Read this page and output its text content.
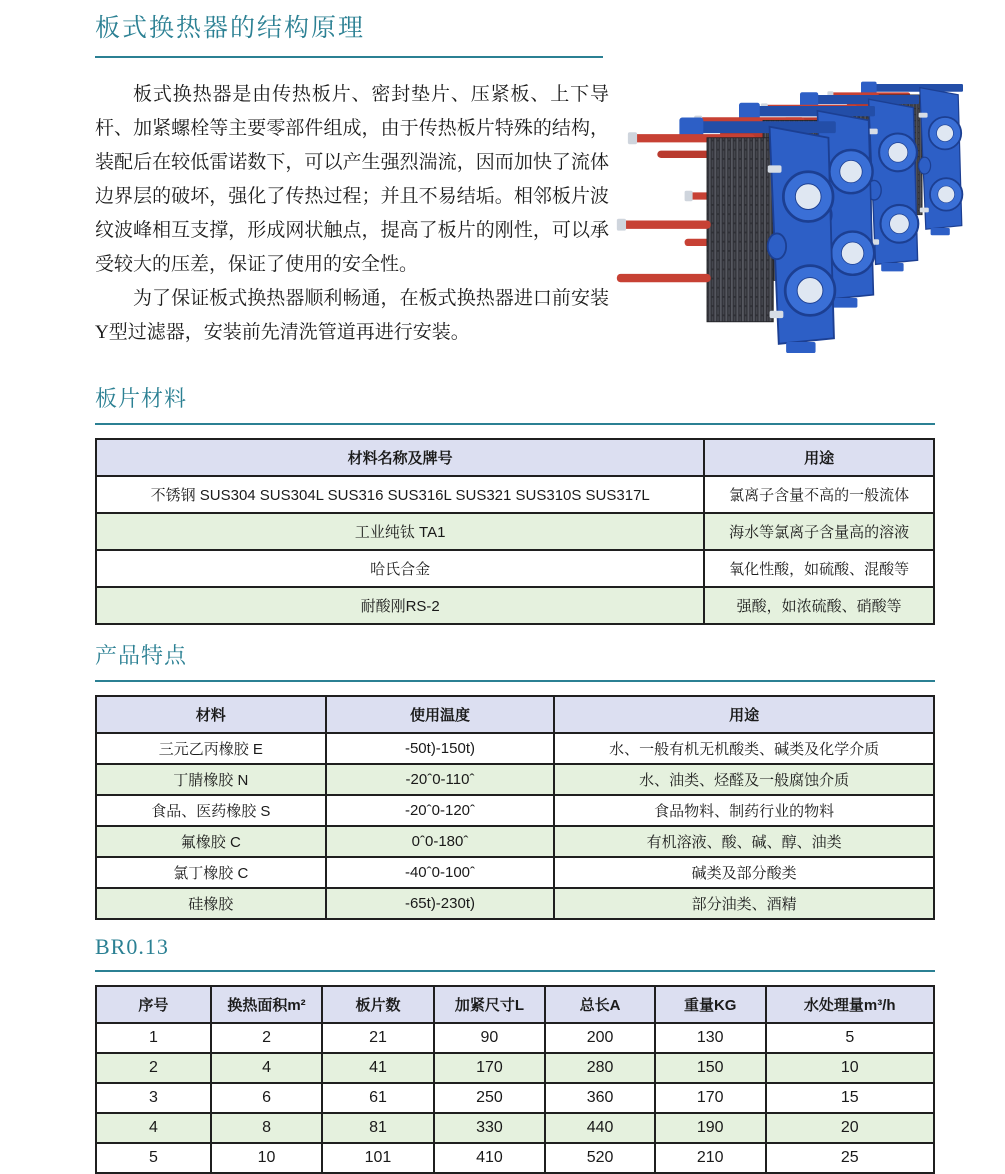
板式换热器的结构原理

板式换热器是由传热板片、密封垫片、压紧板、上下导杆、加紧螺栓等主要零部件组成，由于传热板片特殊的结构，装配后在较低雷诺数下，可以产生强烈湍流，因而加快了流体边界层的破坏，强化了传热过程；并且不易结垢。相邻板片波纹波峰相互支撑，形成网状触点，提高了板片的刚性，可以承受较大的压差，保证了使用的安全性。

为了保证板式换热器顺利畅通，在板式换热器进口前安装Y型过滤器，安装前先清洗管道再进行安装。

板片材料
材料名称及牌号	用途
不锈钢 SUS304 SUS304L SUS316 SUS316L SUS321 SUS310S SUS317L	氯离子含量不高的一般流体
工业纯钛 TA1	海水等氯离子含量高的溶液
哈氏合金	氧化性酸，如硫酸、混酸等
耐酸刚RS-2	强酸，如浓硫酸、硝酸等
产品特点
材料	使用温度	用途
三元乙丙橡胶 E	-50t)-150t)	水、一般有机无机酸类、碱类及化学介质
丁腈橡胶 N	-20ˆ0-110ˆ	水、油类、烃醛及一般腐蚀介质
食品、医药橡胶 S	-20ˆ0-120ˆ	食品物料、制药行业的物料
氟橡胶 C	0ˆ0-180ˆ	有机溶液、酸、碱、醇、油类
氯丁橡胶 C	-40ˆ0-100ˆ	碱类及部分酸类
硅橡胶	-65t)-230t)	部分油类、酒精
BR0.13
序号	换热面积m²	板片数	加紧尺寸L	总长A	重量KG	水处理量m³/h
1	2	21	90	200	130	5
2	4	41	170	280	150	10
3	6	61	250	360	170	15
4	8	81	330	440	190	20
5	10	101	410	520	210	25
